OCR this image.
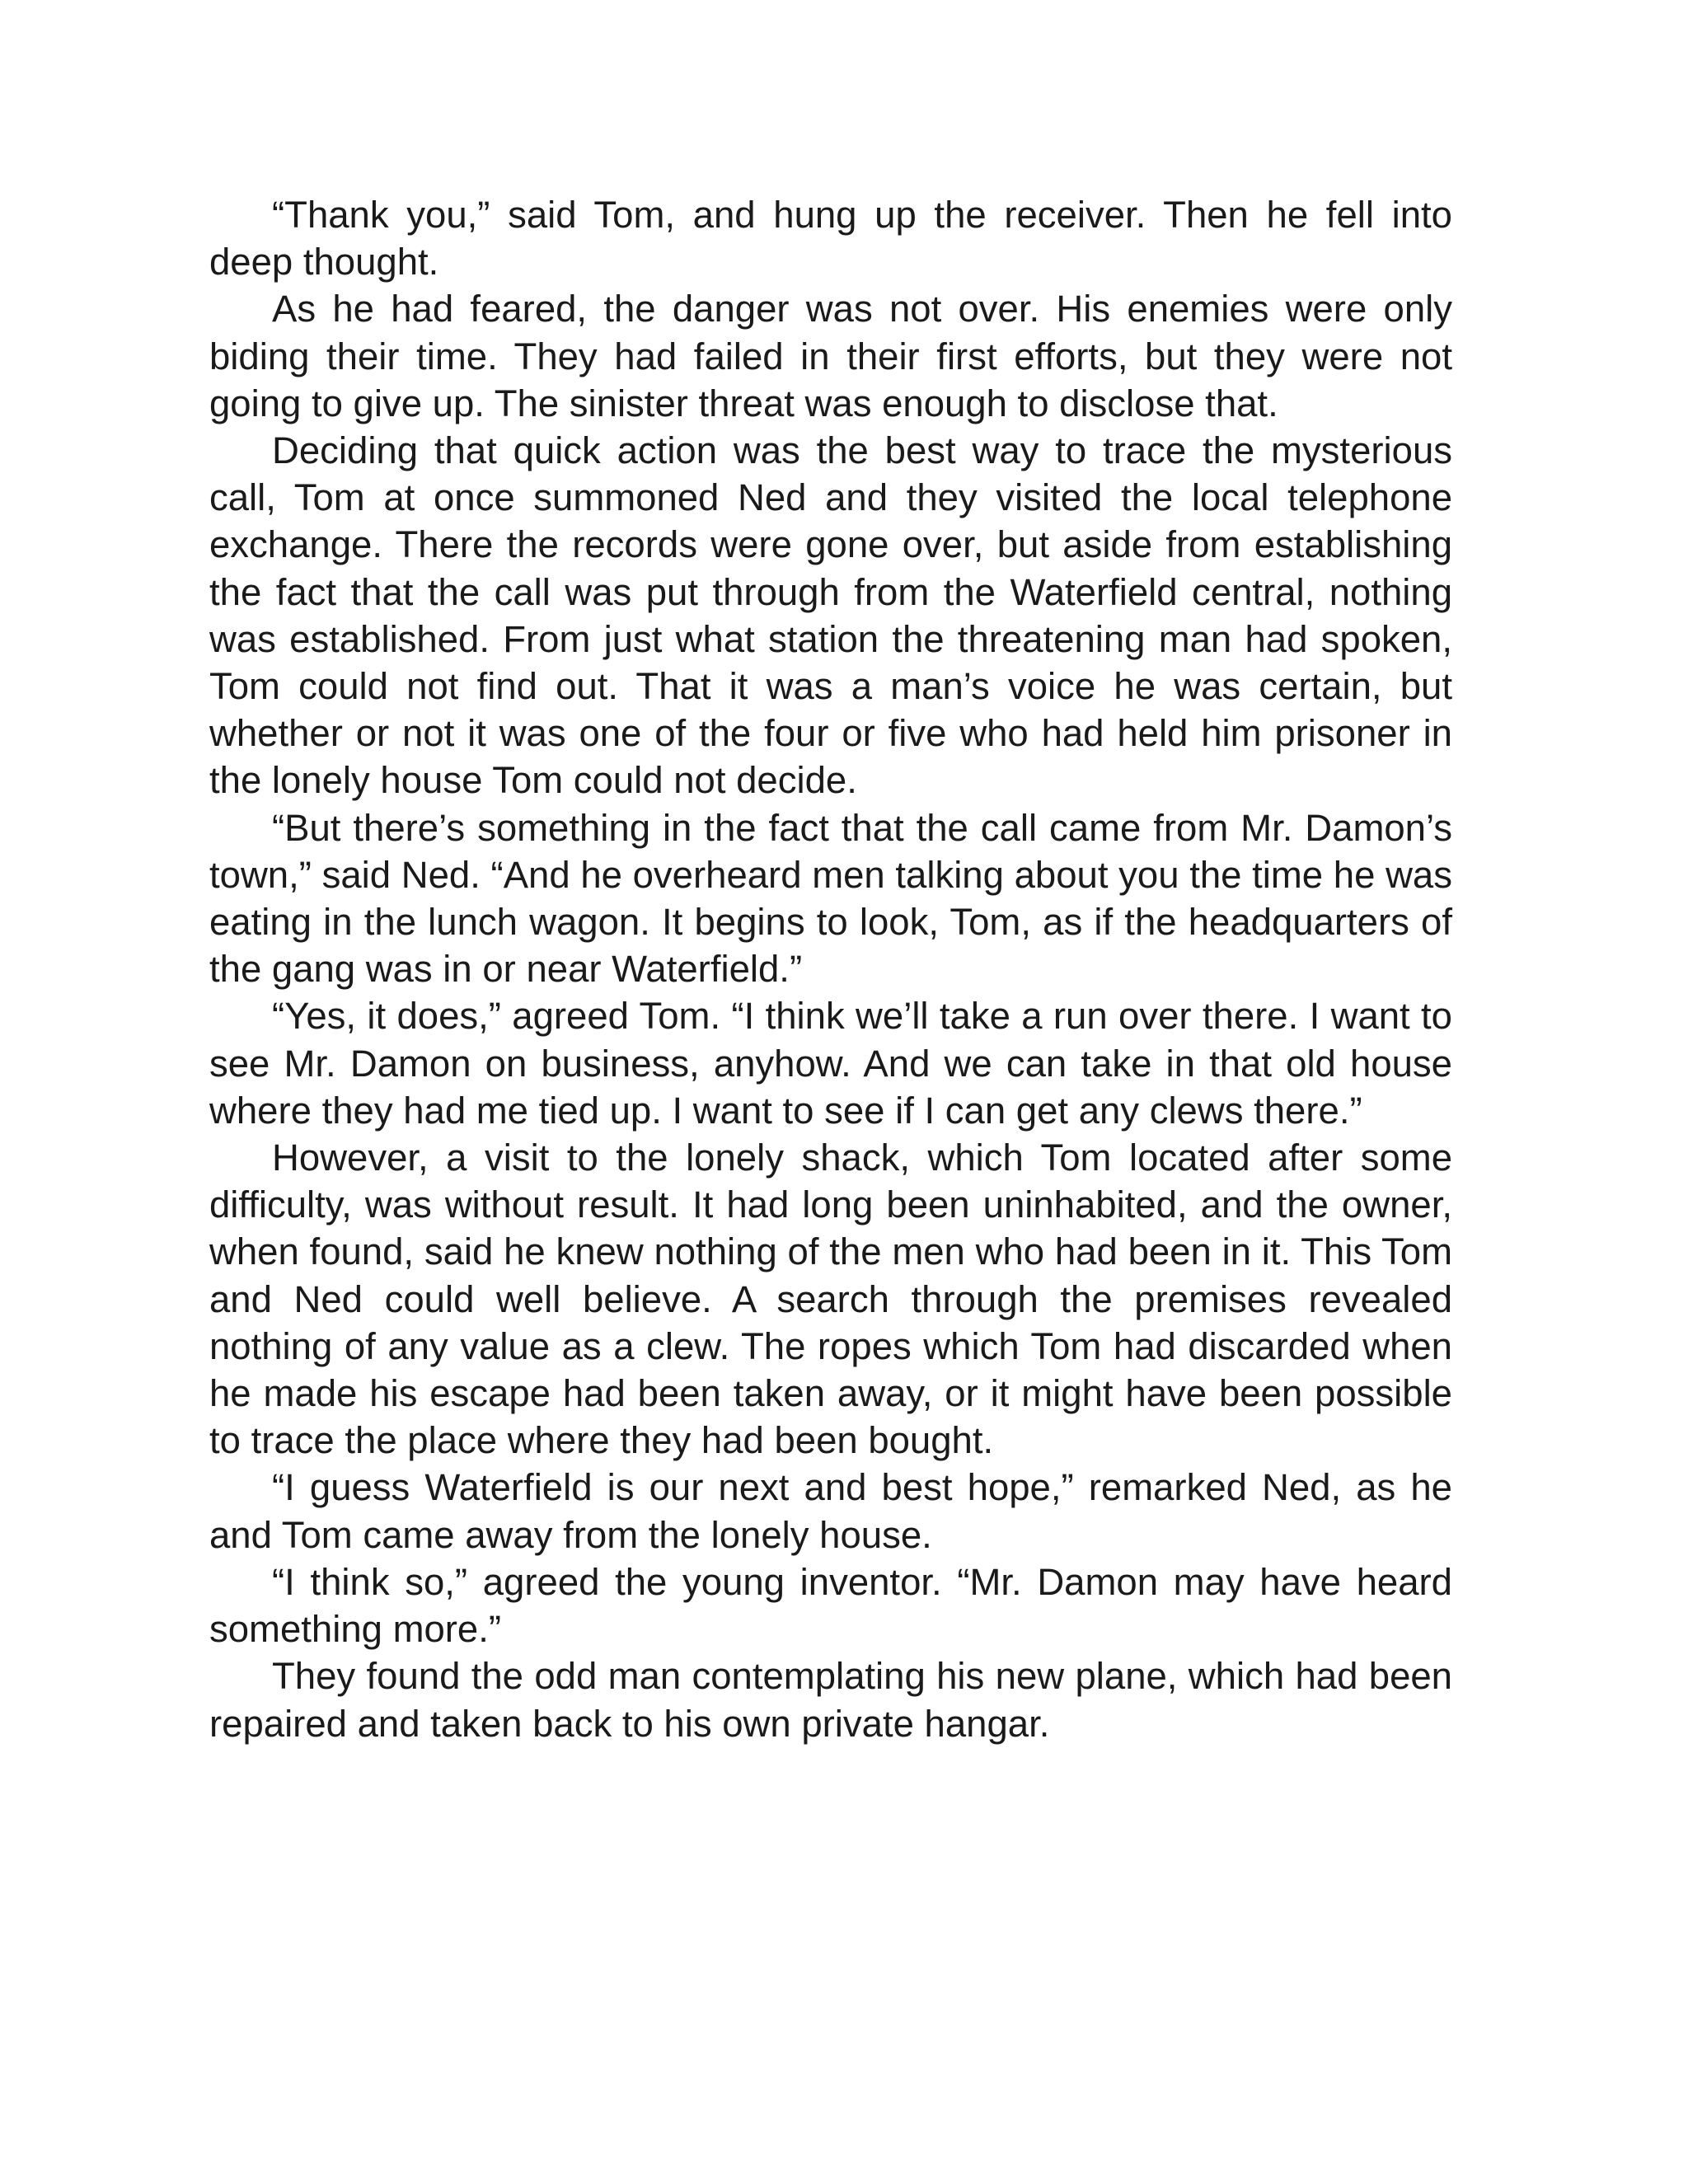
“Thank you,” said Tom, and hung up the receiver. Then he fell into deep thought.

As he had feared, the danger was not over. His enemies were only biding their time. They had failed in their first efforts, but they were not going to give up. The sinister threat was enough to disclose that.

Deciding that quick action was the best way to trace the mysterious call, Tom at once summoned Ned and they visited the local telephone exchange. There the records were gone over, but aside from establishing the fact that the call was put through from the Waterfield central, nothing was established. From just what station the threatening man had spoken, Tom could not find out. That it was a man’s voice he was certain, but whether or not it was one of the four or five who had held him prisoner in the lonely house Tom could not decide.

“But there’s something in the fact that the call came from Mr. Damon’s town,” said Ned. “And he overheard men talking about you the time he was eating in the lunch wagon. It begins to look, Tom, as if the headquarters of the gang was in or near Waterfield.”

“Yes, it does,” agreed Tom. “I think we’ll take a run over there. I want to see Mr. Damon on business, anyhow. And we can take in that old house where they had me tied up. I want to see if I can get any clews there.”

However, a visit to the lonely shack, which Tom located after some difficulty, was without result. It had long been uninhabited, and the owner, when found, said he knew nothing of the men who had been in it. This Tom and Ned could well believe. A search through the premises revealed nothing of any value as a clew. The ropes which Tom had discarded when he made his escape had been taken away, or it might have been possible to trace the place where they had been bought.

“I guess Waterfield is our next and best hope,” remarked Ned, as he and Tom came away from the lonely house.

“I think so,” agreed the young inventor. “Mr. Damon may have heard something more.”

They found the odd man contemplating his new plane, which had been repaired and taken back to his own private hangar.
